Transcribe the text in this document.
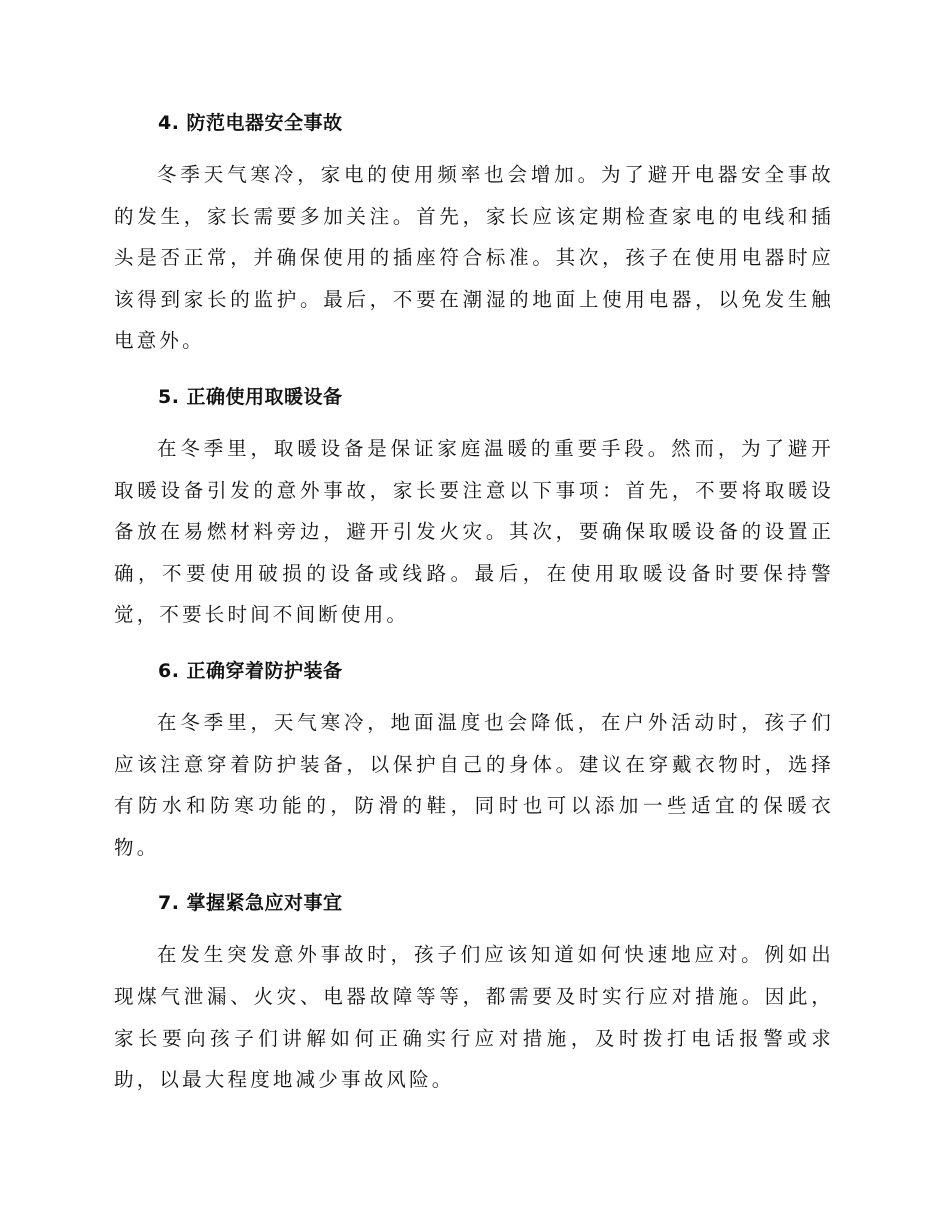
4. 防范电器安全事故

冬季天气寒冷，家电的使用频率也会增加。为了避开电器安全事故的发生，家长需要多加关注。首先，家长应该定期检查家电的电线和插头是否正常，并确保使用的插座符合标准。其次，孩子在使用电器时应该得到家长的监护。最后，不要在潮湿的地面上使用电器，以免发生触电意外。

5. 正确使用取暖设备

在冬季里，取暖设备是保证家庭温暖的重要手段。然而，为了避开取暖设备引发的意外事故，家长要注意以下事项：首先，不要将取暖设备放在易燃材料旁边，避开引发火灾。其次，要确保取暖设备的设置正确，不要使用破损的设备或线路。最后，在使用取暖设备时要保持警觉，不要长时间不间断使用。

6. 正确穿着防护装备

在冬季里，天气寒冷，地面温度也会降低，在户外活动时，孩子们应该注意穿着防护装备，以保护自己的身体。建议在穿戴衣物时，选择有防水和防寒功能的，防滑的鞋，同时也可以添加一些适宜的保暖衣物。

7. 掌握紧急应对事宜

在发生突发意外事故时，孩子们应该知道如何快速地应对。例如出现煤气泄漏、火灾、电器故障等等，都需要及时实行应对措施。因此，家长要向孩子们讲解如何正确实行应对措施，及时拨打电话报警或求助，以最大程度地减少事故风险。
